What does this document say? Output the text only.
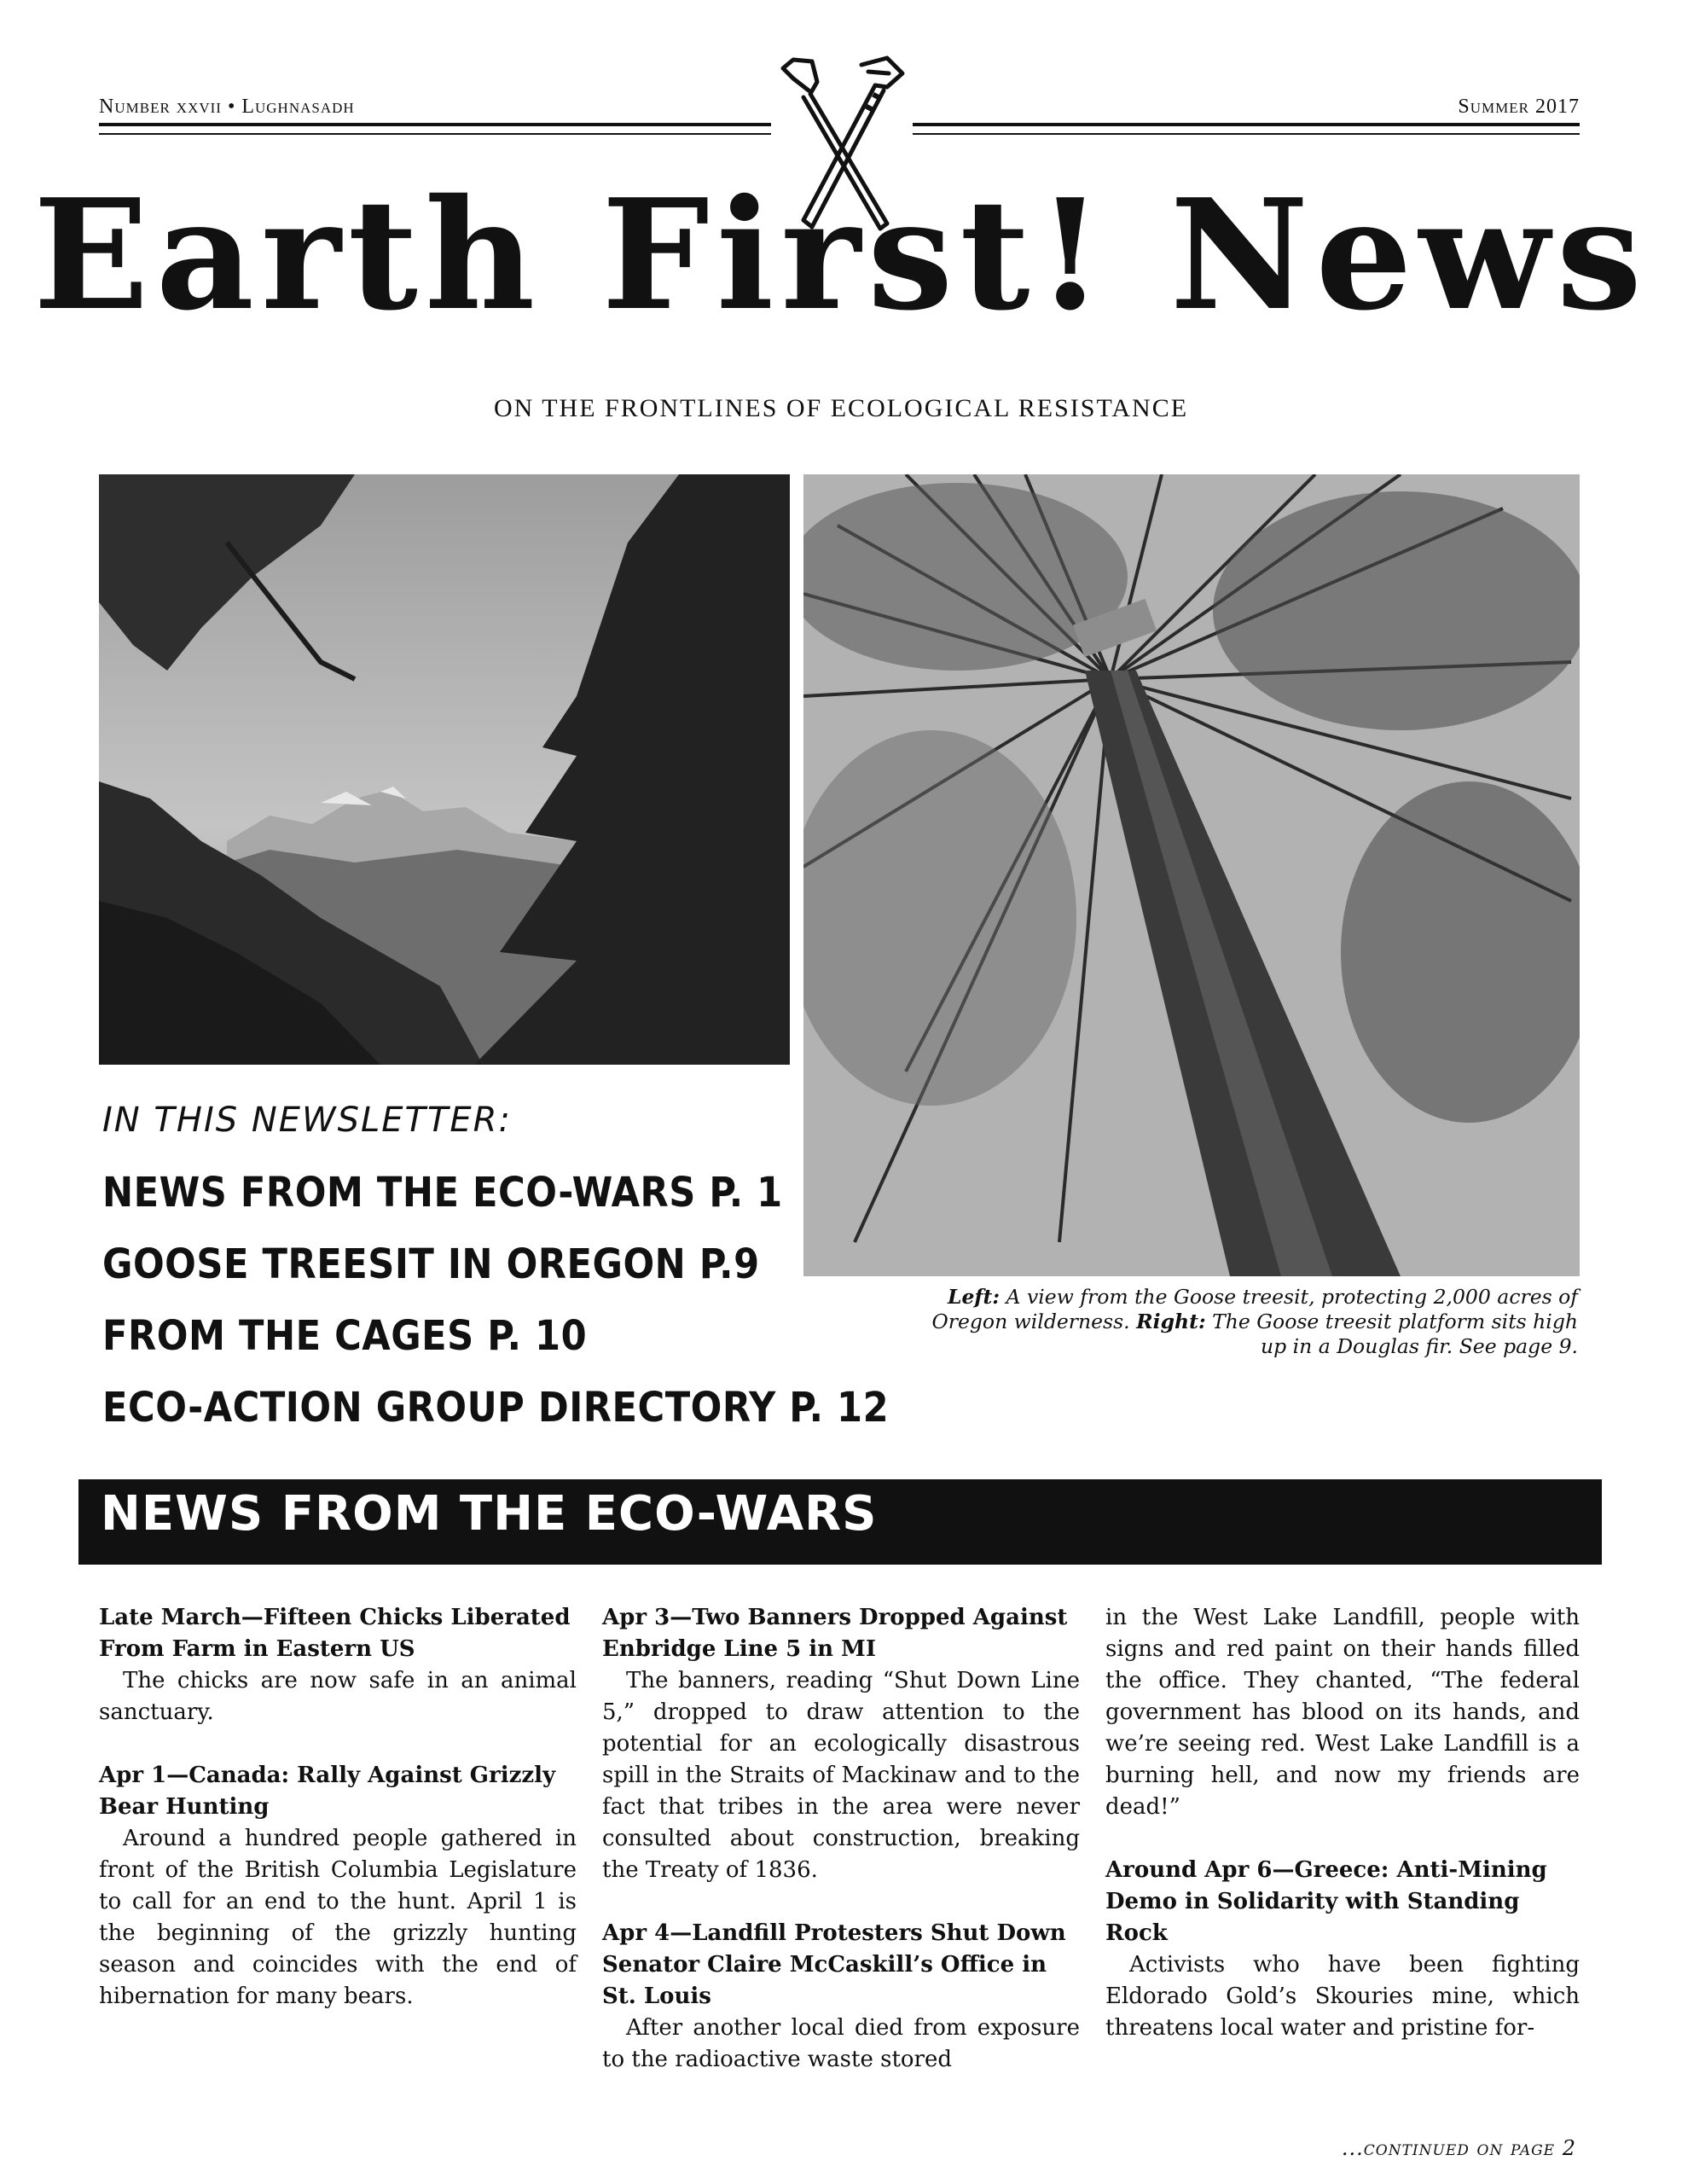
Number xxvii • Lughnasadh	Summer 2017
Earth First! News
ON THE FRONTLINES OF ECOLOGICAL RESISTANCE
IN THIS NEWSLETTER:
NEWS FROM THE ECO-WARS P. 1
GOOSE TREESIT IN OREGON P.9
FROM THE CAGES P. 10
ECO-ACTION GROUP DIRECTORY P. 12
Left: A view from the Goose treesit, protecting 2,000 acres of Oregon wilderness. Right: The Goose treesit platform sits high up in a Douglas fir. See page 9.
NEWS FROM THE ECO-WARS
Late March—Fifteen Chicks Liberated From Farm in Eastern US
The chicks are now safe in an animal sanctuary.
Apr 1—Canada: Rally Against Grizzly Bear Hunting
Around a hundred people gathered in front of the British Columbia Legislature to call for an end to the hunt. April 1 is the beginning of the grizzly hunting season and coincides with the end of hibernation for many bears.
Apr 3—Two Banners Dropped Against Enbridge Line 5 in MI
The banners, reading “Shut Down Line 5,” dropped to draw attention to the potential for an ecologically disastrous spill in the Straits of Mackinaw and to the fact that tribes in the area were never consulted about construction, breaking the Treaty of 1836.
Apr 4—Landfill Protesters Shut Down Senator Claire McCaskill’s Office in St. Louis
After another local died from exposure to the radioactive waste stored
in the West Lake Landfill, people with signs and red paint on their hands filled the office. They chanted, “The federal government has blood on its hands, and we’re seeing red. West Lake Landfill is a burning hell, and now my friends are dead!”
Around Apr 6—Greece: Anti-Mining Demo in Solidarity with Standing Rock
Activists who have been fighting Eldorado Gold’s Skouries mine, which threatens local water and pristine for-
...continued on page 2
